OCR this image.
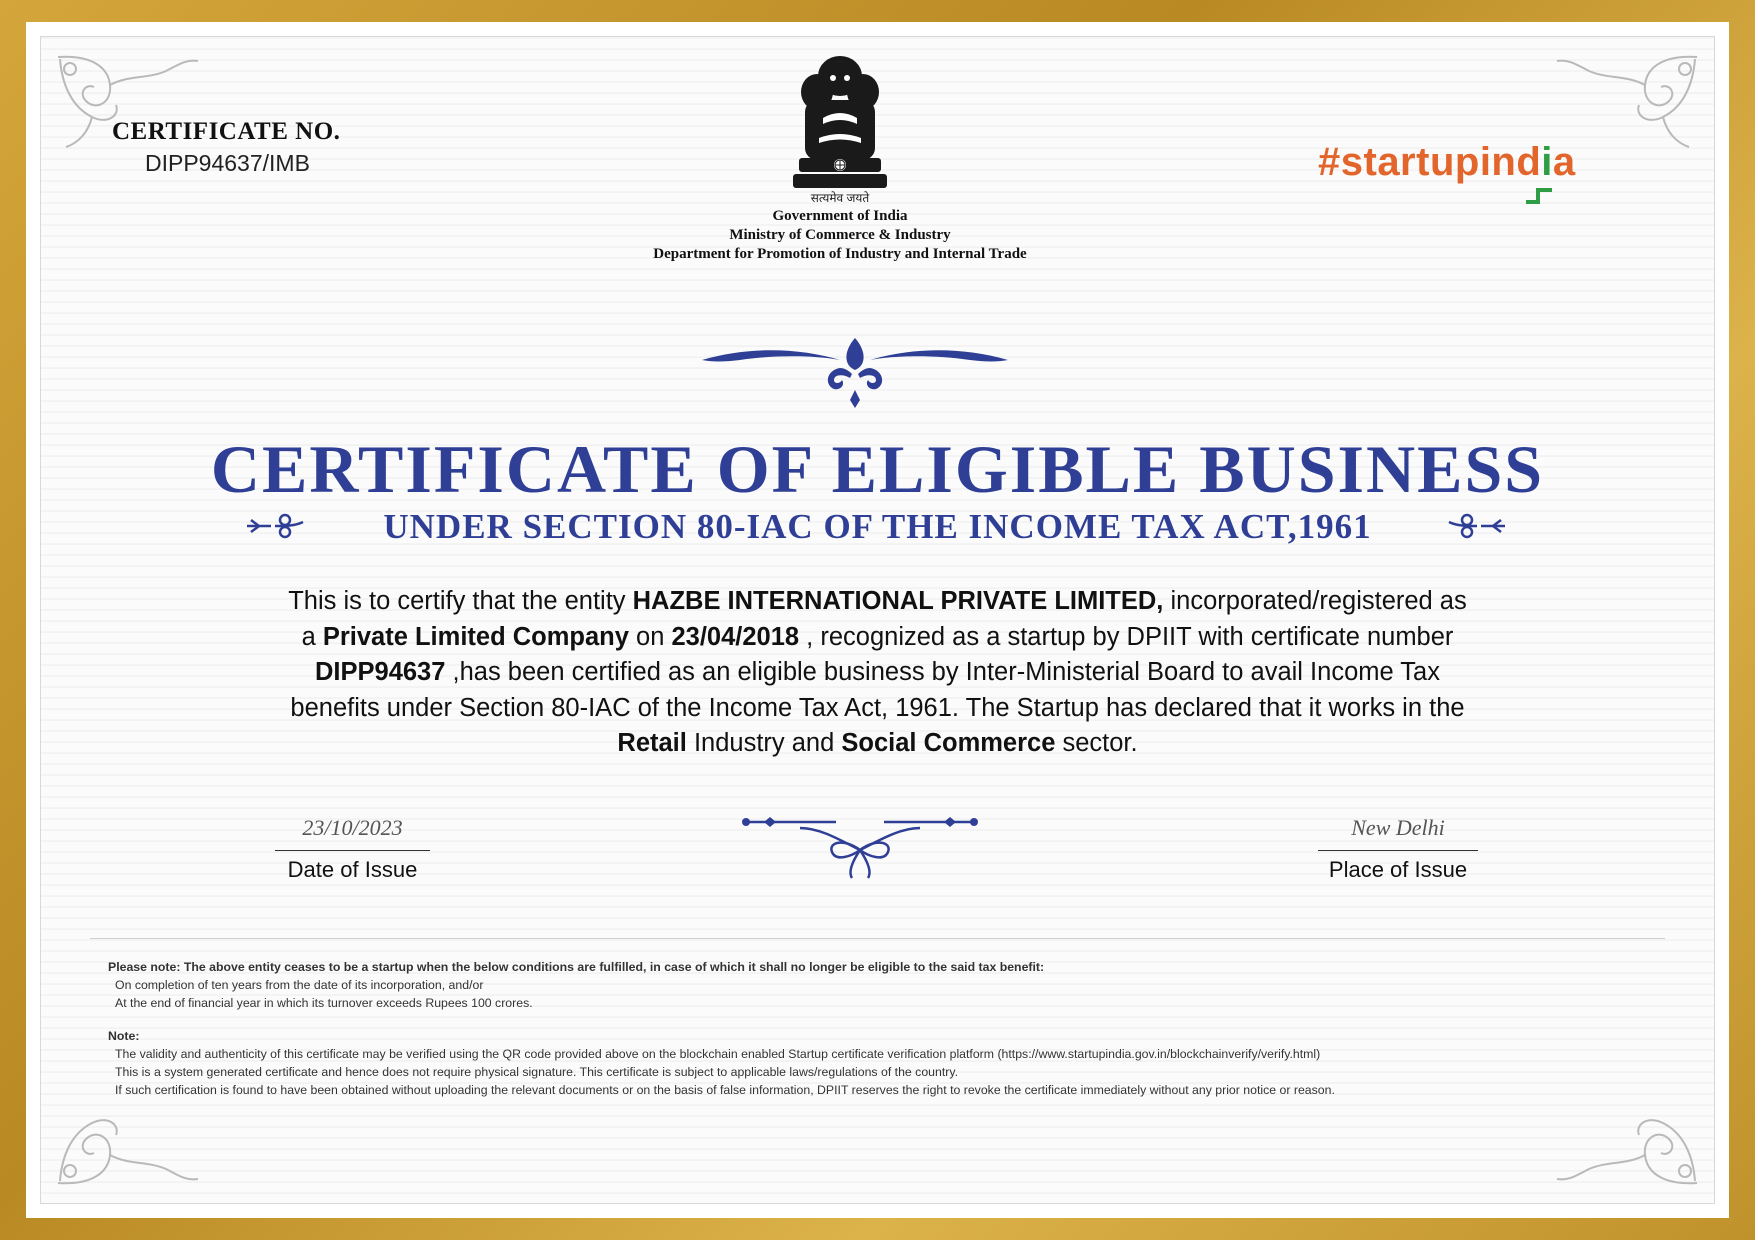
CERTIFICATE NO.
DIPP94637/IMB
सत्यमेव जयते
Government of India
Ministry of Commerce & Industry
Department for Promotion of Industry and Internal Trade
#startupindia
CERTIFICATE OF ELIGIBLE BUSINESS
UNDER SECTION 80-IAC OF THE INCOME TAX ACT,1961
This is to certify that the entity HAZBE INTERNATIONAL PRIVATE LIMITED, incorporated/registered as a Private Limited Company on 23/04/2018 , recognized as a startup by DPIIT with certificate number DIPP94637 ,has been certified as an eligible business by Inter-Ministerial Board to avail Income Tax benefits under Section 80-IAC of the Income Tax Act, 1961. The Startup has declared that it works in the Retail Industry and Social Commerce sector.
23/10/2023
Date of Issue
New Delhi
Place of Issue
Please note: The above entity ceases to be a startup when the below conditions are fulfilled, in case of which it shall no longer be eligible to the said tax benefit:
On completion of ten years from the date of its incorporation, and/or
At the end of financial year in which its turnover exceeds Rupees 100 crores.
Note:
The validity and authenticity of this certificate may be verified using the QR code provided above on the blockchain enabled Startup certificate verification platform (https://www.startupindia.gov.in/blockchainverify/verify.html)
This is a system generated certificate and hence does not require physical signature. This certificate is subject to applicable laws/regulations of the country.
If such certification is found to have been obtained without uploading the relevant documents or on the basis of false information, DPIIT reserves the right to revoke the certificate immediately without any prior notice or reason.
